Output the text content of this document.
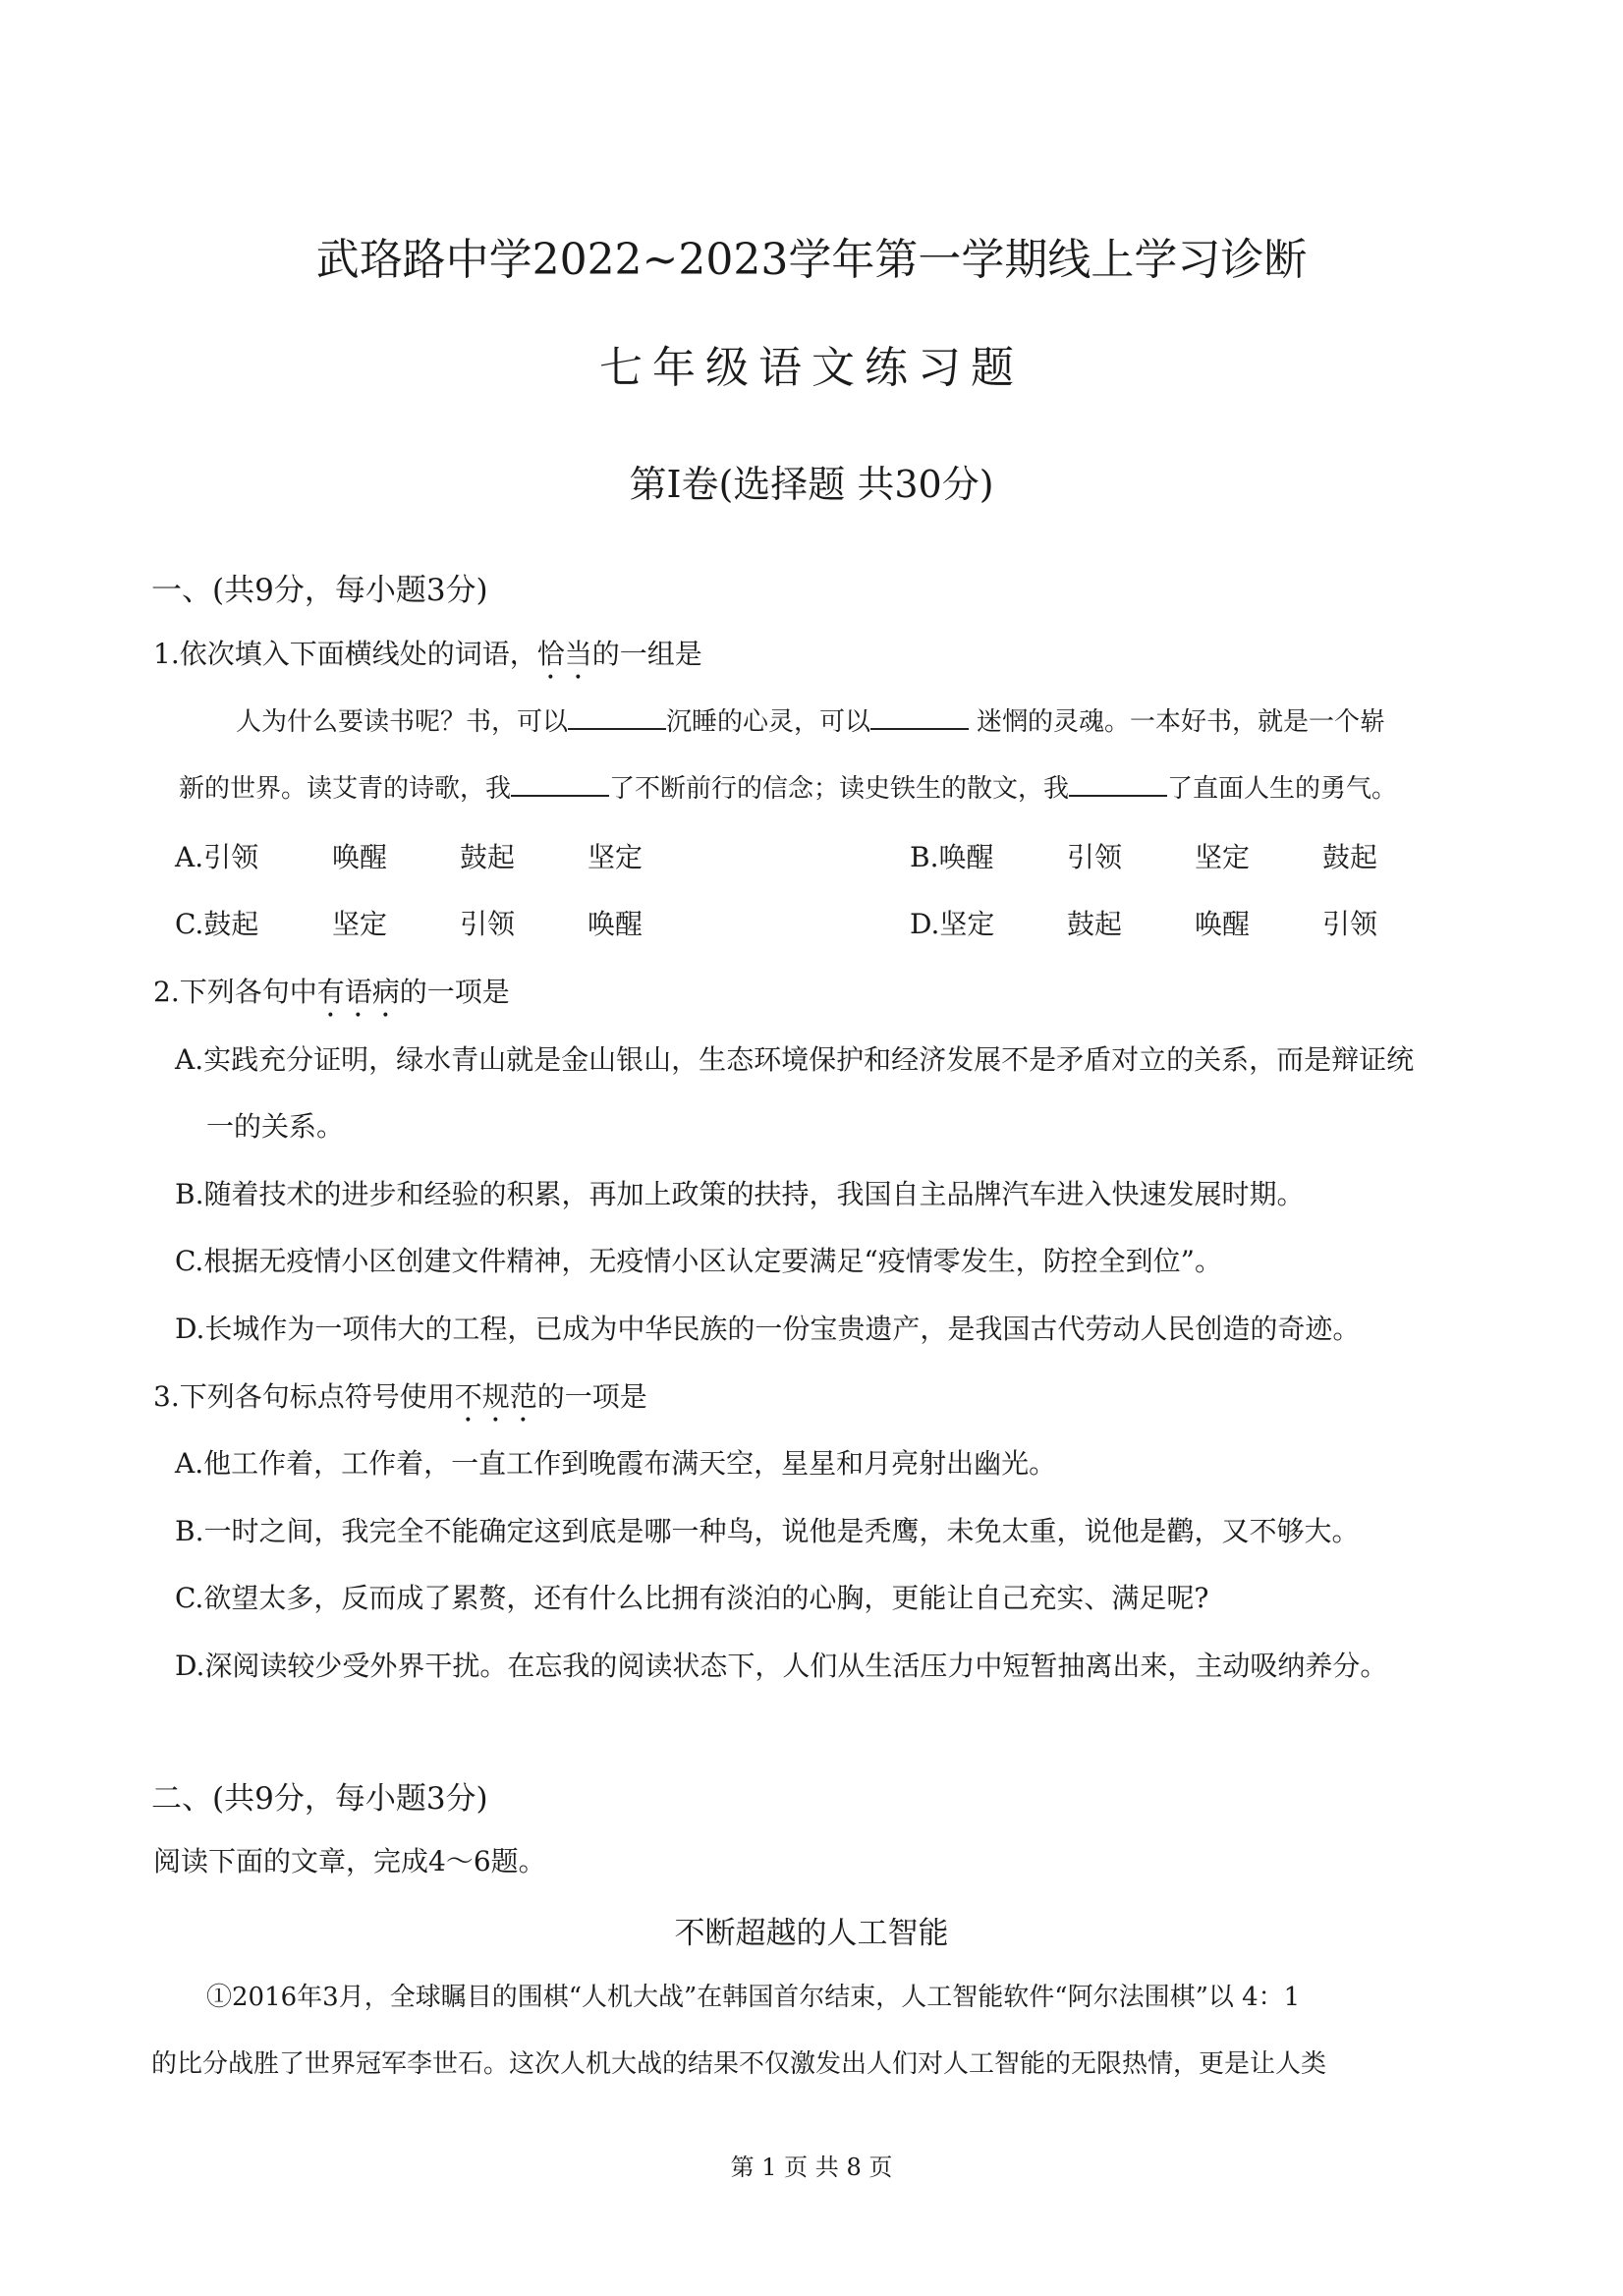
武珞路中学2022~2023学年第一学期线上学习诊断
七年级语文练习题
第Ⅰ卷(选择题 共30分)
一、(共9分，每小题3分)
1.依次填入下面横线处的词语，恰当的一组是
人为什么要读书呢？书，可以	沉睡的心灵，可以	迷惘的灵魂。一本好书，就是一个崭
新的世界。读艾青的诗歌，我	了不断前行的信念；读史铁生的散文，我	了直面人生的勇气。
A.引领	唤醒	鼓起	坚定	B.唤醒	引领	坚定	鼓起
C.鼓起	坚定	引领	唤醒	D.坚定	鼓起	唤醒	引领
2.下列各句中有语病的一项是
A.实践充分证明，绿水青山就是金山银山，生态环境保护和经济发展不是矛盾对立的关系，而是辩证统
一的关系。
B.随着技术的进步和经验的积累，再加上政策的扶持，我国自主品牌汽车进入快速发展时期。
C.根据无疫情小区创建文件精神，无疫情小区认定要满足“疫情零发生，防控全到位”。
D.长城作为一项伟大的工程，已成为中华民族的一份宝贵遗产，是我国古代劳动人民创造的奇迹。
3.下列各句标点符号使用不规范的一项是
A.他工作着，工作着，一直工作到晚霞布满天空，星星和月亮射出幽光。
B.一时之间，我完全不能确定这到底是哪一种鸟，说他是秃鹰，未免太重，说他是鹳，又不够大。
C.欲望太多，反而成了累赘，还有什么比拥有淡泊的心胸，更能让自己充实、满足呢?
D.深阅读较少受外界干扰。在忘我的阅读状态下，人们从生活压力中短暂抽离出来，主动吸纳养分。
二、(共9分，每小题3分)
阅读下面的文章，完成4～6题。
不断超越的人工智能
①2016年3月，全球瞩目的围棋“人机大战”在韩国首尔结束，人工智能软件“阿尔法围棋”以 4：1
的比分战胜了世界冠军李世石。这次人机大战的结果不仅激发出人们对人工智能的无限热情，更是让人类
第 1 页 共 8 页
